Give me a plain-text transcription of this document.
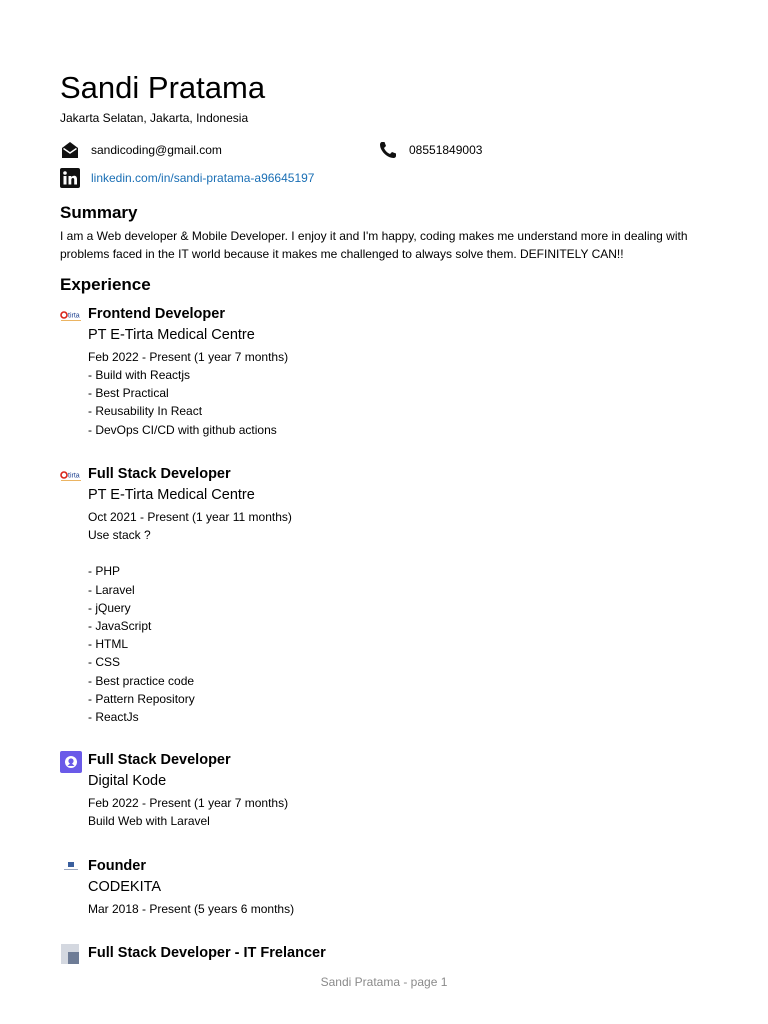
Sandi Pratama
Jakarta Selatan, Jakarta, Indonesia
sandicoding@gmail.com	08551849003
linkedin.com/in/sandi-pratama-a96645197
Summary
I am a Web developer & Mobile Developer. I enjoy it and I'm happy, coding makes me understand more in dealing with problems faced in the IT world because it makes me challenged to always solve them. DEFINITELY CAN!!
Experience
tirta Frontend Developer
PT E-Tirta Medical Centre
Feb 2022 - Present (1 year 7 months)
- Build with Reactjs
- Best Practical
- Reusability In React
- DevOps CI/CD with github actions
tirta Full Stack Developer
PT E-Tirta Medical Centre
Oct 2021 - Present (1 year 11 months)
Use stack ?
- PHP
- Laravel
- jQuery
- JavaScript
- HTML
- CSS
- Best practice code
- Pattern Repository
- ReactJs
Full Stack Developer
Digital Kode
Feb 2022 - Present (1 year 7 months)
Build Web with Laravel
Founder
CODEKITA
Mar 2018 - Present (5 years 6 months)
Full Stack Developer - IT Frelancer
Sandi Pratama - page 1
